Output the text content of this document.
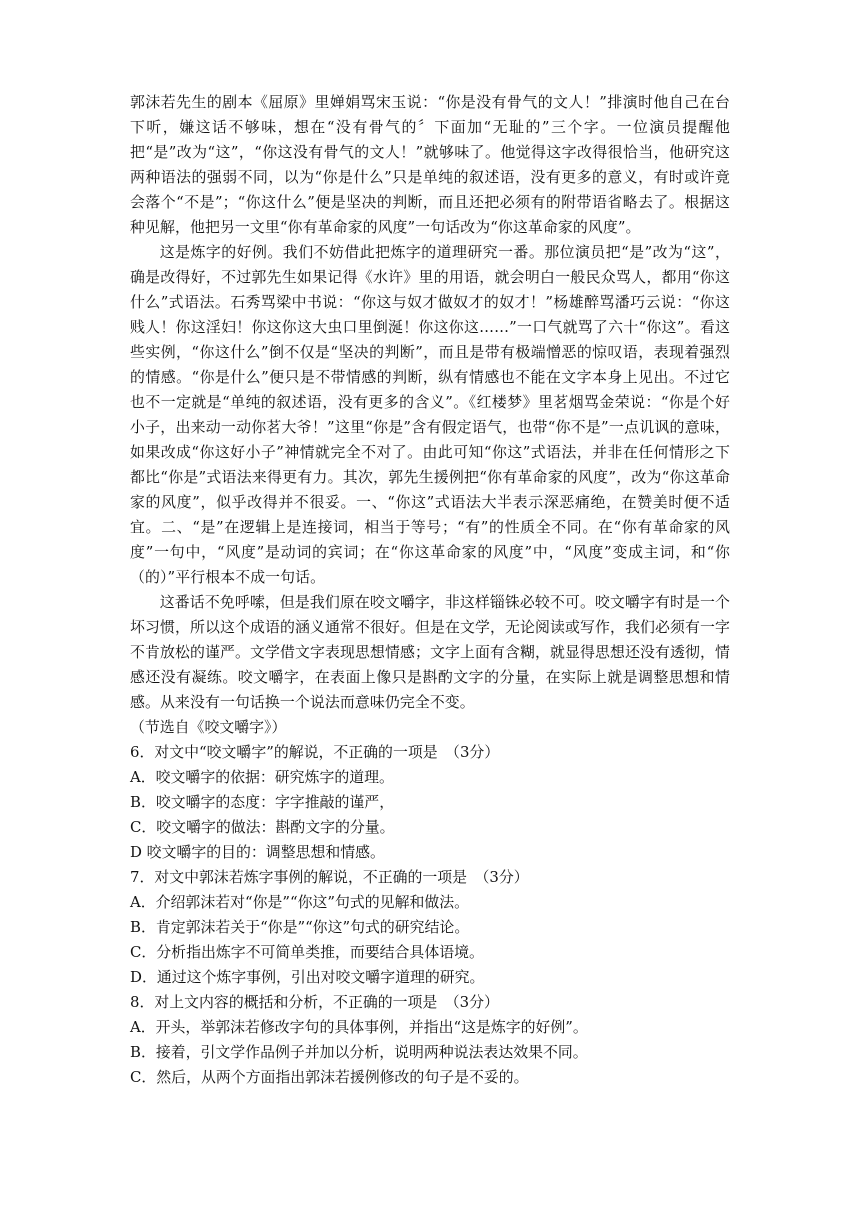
郭沫若先生的剧本《屈原》里婵娟骂宋玉说：“你是没有骨气的文人！”排演时他自己在台下听，嫌这话不够味，想在“没有骨气的〞下面加“无耻的”三个字。一位演员提醒他把“是”改为“这”，“你这没有骨气的文人！”就够味了。他觉得这字改得很恰当，他研究这两种语法的强弱不同，以为“你是什么”只是单纯的叙述语，没有更多的意义，有时或许竟会落个“不是”；“你这什么”便是坚决的判断，而且还把必须有的附带语省略去了。根据这种见解，他把另一文里“你有革命家的风度”一句话改为“你这革命家的风度”。

这是炼字的好例。我们不妨借此把炼字的道理研究一番。那位演员把“是”改为“这”，确是改得好，不过郭先生如果记得《水许》里的用语，就会明白一般民众骂人，都用“你这什么”式语法。石秀骂梁中书说：“你这与奴才做奴才的奴才！”杨雄醉骂潘巧云说：“你这贱人！你这淫妇！你这你这大虫口里倒涎！你这你这……”一口气就骂了六十“你这”。看这些实例，“你这什么”倒不仅是“坚决的判断”，而且是带有极端憎恶的惊叹语，表现着强烈的情感。“你是什么”便只是不带情感的判断，纵有情感也不能在文字本身上见出。不过它也不一定就是“单纯的叙述语，没有更多的含义”。《红楼梦》里茗烟骂金荣说：“你是个好小子，出来动一动你茗大爷！”这里“你是”含有假定语气，也带“你不是”一点讥讽的意味，如果改成“你这好小子”神情就完全不对了。由此可知“你这”式语法，并非在任何情形之下都比“你是”式语法来得更有力。其次，郭先生援例把“你有革命家的风度”，改为“你这革命家的风度”，似乎改得并不很妥。一、“你这”式语法大半表示深恶痛绝，在赞美时便不适宜。二、“是”在逻辑上是连接词，相当于等号；“有”的性质全不同。在“你有革命家的风度”一句中，“风度”是动词的宾词；在“你这革命家的风度”中，“风度”变成主词，和“你（的）”平行根本不成一句话。

这番话不免呼嗦，但是我们原在咬文嚼字，非这样锱铢必较不可。咬文嚼字有时是一个坏习惯，所以这个成语的涵义通常不很好。但是在文学，无论阅读或写作，我们必须有一字不肯放松的谨严。文学借文字表现思想情感；文字上面有含糊，就显得思想还没有透彻，情感还没有凝练。咬文嚼字，在表面上像只是斟酌文字的分量，在实际上就是调整思想和情感。从来没有一句话换一个说法而意味仍完全不变。

（节选自《咬文嚼字》）

6．对文中“咬文嚼字”的解说，不正确的一项是　（3分）

A．咬文嚼字的依据：研究炼字的道理。

B．咬文嚼字的态度：字字推敲的谨严，

C．咬文嚼字的做法：斟酌文字的分量。

D 咬文嚼字的目的：调整思想和情感。

7．对文中郭沫若炼字事例的解说，不正确的一项是　（3分）

A．介绍郭沫若对“你是”“你这”句式的见解和做法。

B．肯定郭沫若关于“你是”“你这”句式的研究结论。

C．分析指出炼字不可简单类推，而要结合具体语境。

D．通过这个炼字事例，引出对咬文嚼字道理的研究。

8．对上文内容的概括和分析，不正确的一项是　（3分）

A．开头，举郭沫若修改字句的具体事例，并指出“这是炼字的好例”。

B．接着，引文学作品例子并加以分析，说明两种说法表达效果不同。

C．然后，从两个方面指出郭沫若援例修改的句子是不妥的。
